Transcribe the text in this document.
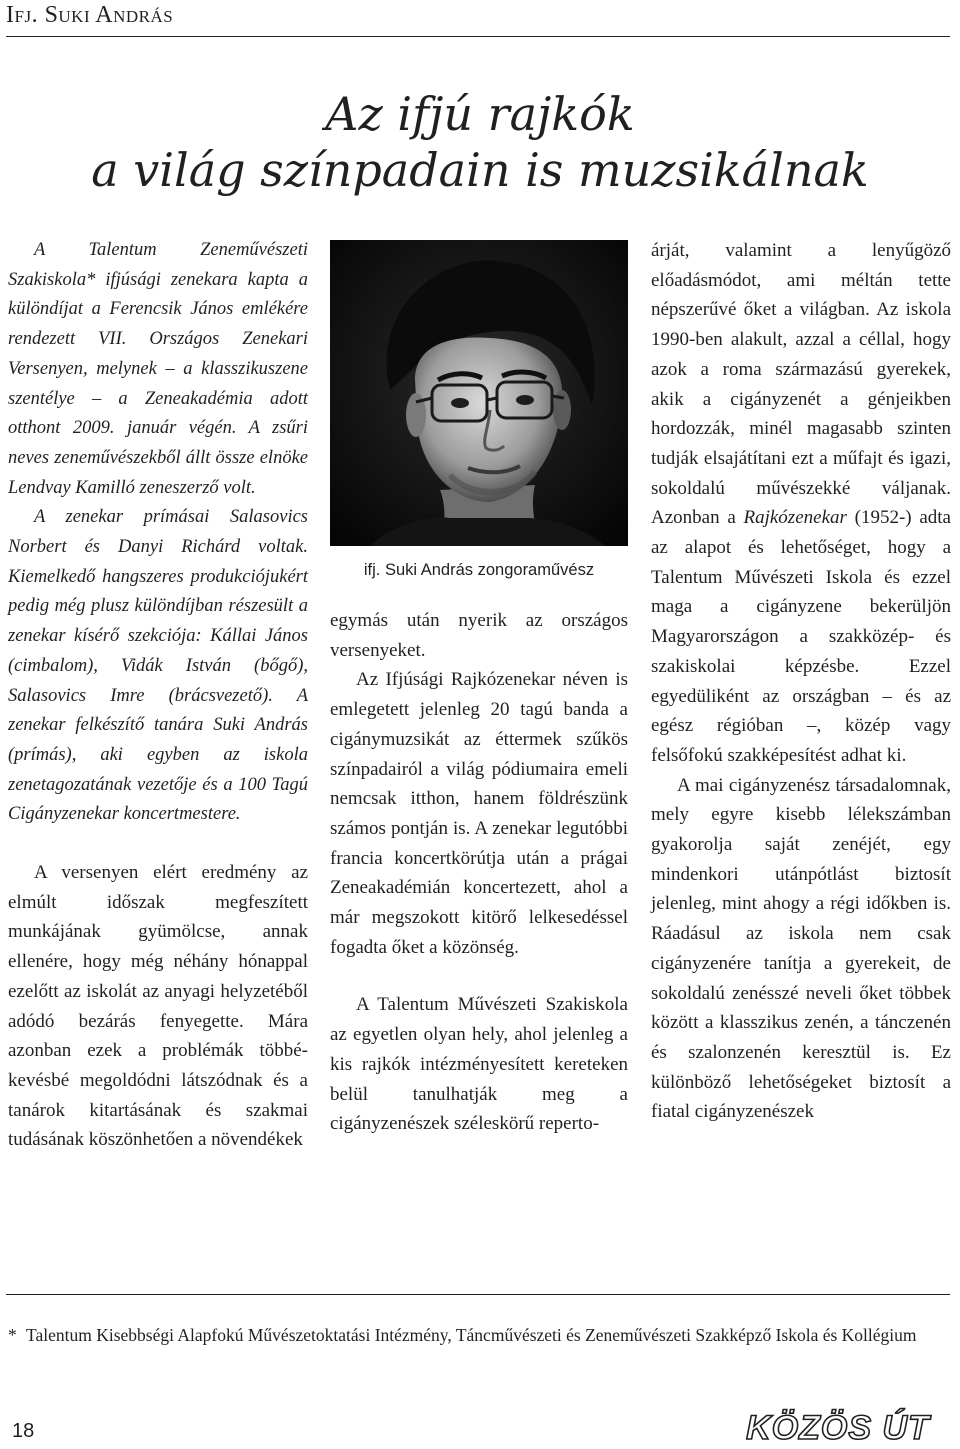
Ifj. Suki András
Az ifjú rajkók
a világ színpadain is muzsikálnak

A Talentum Zeneművészeti Szakiskola* ifjúsági zenekara kapta a különdíjat a Ferencsik János emlékére rendezett VII. Országos Zenekari Versenyen, melynek – a klasszikuszene szentélye – a Zeneakadémia adott otthont 2009. január végén. A zsűri neves zeneművészekből állt össze elnöke Lendvay Kamilló zeneszerző volt.

A zenekar prímásai Salasovics Norbert és Danyi Richárd voltak. Kiemelkedő hangszeres produkciójukért pedig még plusz különdíjban részesült a zenekar kísérő szekciója: Kállai János (cimbalom), Vidák István (bőgő), Salasovics Imre (brácsvezető). A zenekar felkészítő tanára Suki András (prímás), aki egyben az iskola zenetagozatának vezetője és a 100 Tagú Cigányzenekar koncertmestere.

A versenyen elért eredmény az elmúlt időszak megfeszített munkájának gyümölcse, annak ellenére, hogy még néhány hónappal ezelőtt az iskolát az anyagi helyzetéből adódó bezárás fenyegette. Mára azonban ezek a problémák többé-kevésbé megoldódni látszódnak és a tanárok kitartásának és szakmai tudásának köszönhetően a növendékek

ifj. Suki András zongoraművész

egymás után nyerik az országos versenyeket.

Az Ifjúsági Rajkózenekar néven is emlegetett jelenleg 20 tagú banda a cigánymuzsikát az éttermek szűkös színpadairól a világ pódiumaira emeli nemcsak itthon, hanem földrészünk számos pontján is. A zenekar legutóbbi francia koncertkörútja után a prágai Zeneakadémián koncertezett, ahol a már megszokott kitörő lelkesedéssel fogadta őket a közönség.

A Talentum Művészeti Szakiskola az egyetlen olyan hely, ahol jelenleg a kis rajkók intézményesített kereteken belül tanulhatják meg a cigányzenészek széleskörű reperto-

árját, valamint a lenyűgöző előadásmódot, ami méltán tette népszerűvé őket a világban. Az iskola 1990-ben alakult, azzal a céllal, hogy azok a roma származású gyerekek, akik a cigányzenét a génjeikben hordozzák, minél magasabb szinten tudják elsajátítani ezt a műfajt és igazi, sokoldalú művészekké váljanak. Azonban a Rajkózenekar (1952-) adta az alapot és lehetőséget, hogy a Talentum Művészeti Iskola és ezzel maga a cigányzene bekerüljön Magyarországon a szakközép- és szakiskolai képzésbe. Ezzel egyedüliként az országban – és az egész régióban –, közép vagy felsőfokú szakképesítést adhat ki.

A mai cigányzenész társadalomnak, mely egyre kisebb lélekszámban gyakorolja saját zenéjét, egy mindenkori utánpótlást biztosít jelenleg, mint ahogy a régi időkben is. Ráadásul az iskola nem csak cigányzenére tanítja a gyerekeit, de sokoldalú zenésszé neveli őket többek között a klasszikus zenén, a tánczenén és szalonzenén keresztül is. Ez különböző lehetőségeket biztosít a fiatal cigányzenészek

* Talentum Kisebbségi Alapfokú Művészetoktatási Intézmény, Táncművészeti és Zeneművészeti Szakképző Iskola és Kollégium
18	KÖZÖS ÚT
